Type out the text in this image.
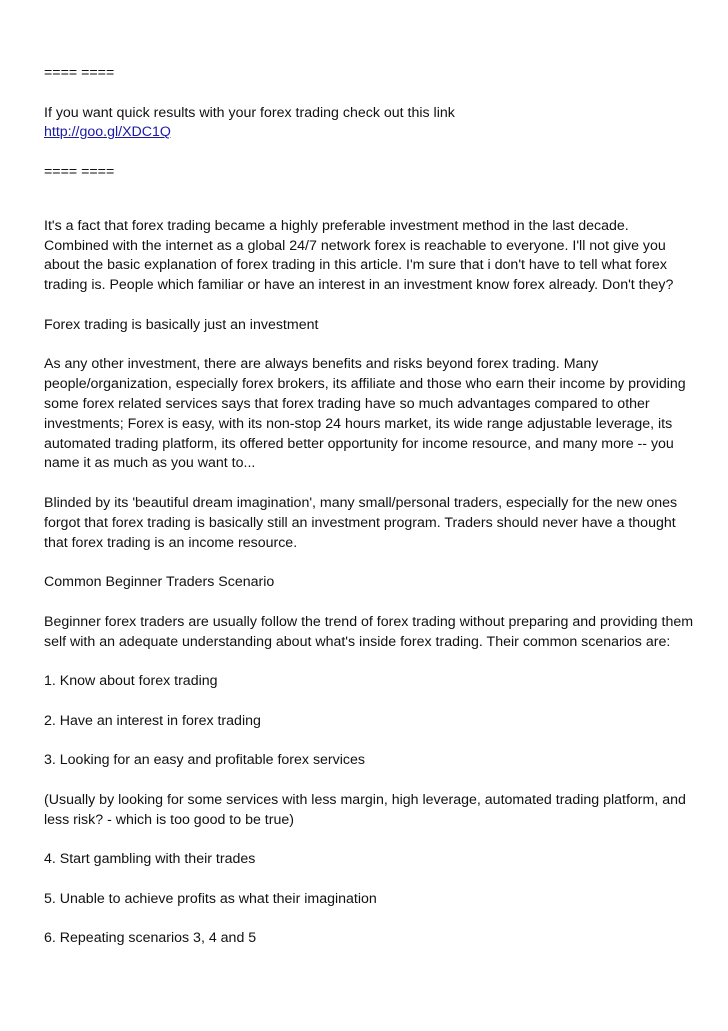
==== ====

If you want quick results with your forex trading check out this link

http://goo.gl/XDC1Q

==== ====

It's a fact that forex trading became a highly preferable investment method in the last decade. Combined with the internet as a global 24/7 network forex is reachable to everyone. I'll not give you about the basic explanation of forex trading in this article. I'm sure that i don't have to tell what forex trading is. People which familiar or have an interest in an investment know forex already. Don't they?

Forex trading is basically just an investment

As any other investment, there are always benefits and risks beyond forex trading. Many people/organization, especially forex brokers, its affiliate and those who earn their income by providing some forex related services says that forex trading have so much advantages compared to other investments; Forex is easy, with its non-stop 24 hours market, its wide range adjustable leverage, its automated trading platform, its offered better opportunity for income resource, and many more -- you name it as much as you want to...

Blinded by its 'beautiful dream imagination', many small/personal traders, especially for the new ones forgot that forex trading is basically still an investment program. Traders should never have a thought that forex trading is an income resource.

Common Beginner Traders Scenario

Beginner forex traders are usually follow the trend of forex trading without preparing and providing them self with an adequate understanding about what's inside forex trading. Their common scenarios are:

1. Know about forex trading

2. Have an interest in forex trading

3. Looking for an easy and profitable forex services

(Usually by looking for some services with less margin, high leverage, automated trading platform, and less risk? - which is too good to be true)

4. Start gambling with their trades

5. Unable to achieve profits as what their imagination

6. Repeating scenarios 3, 4 and 5
